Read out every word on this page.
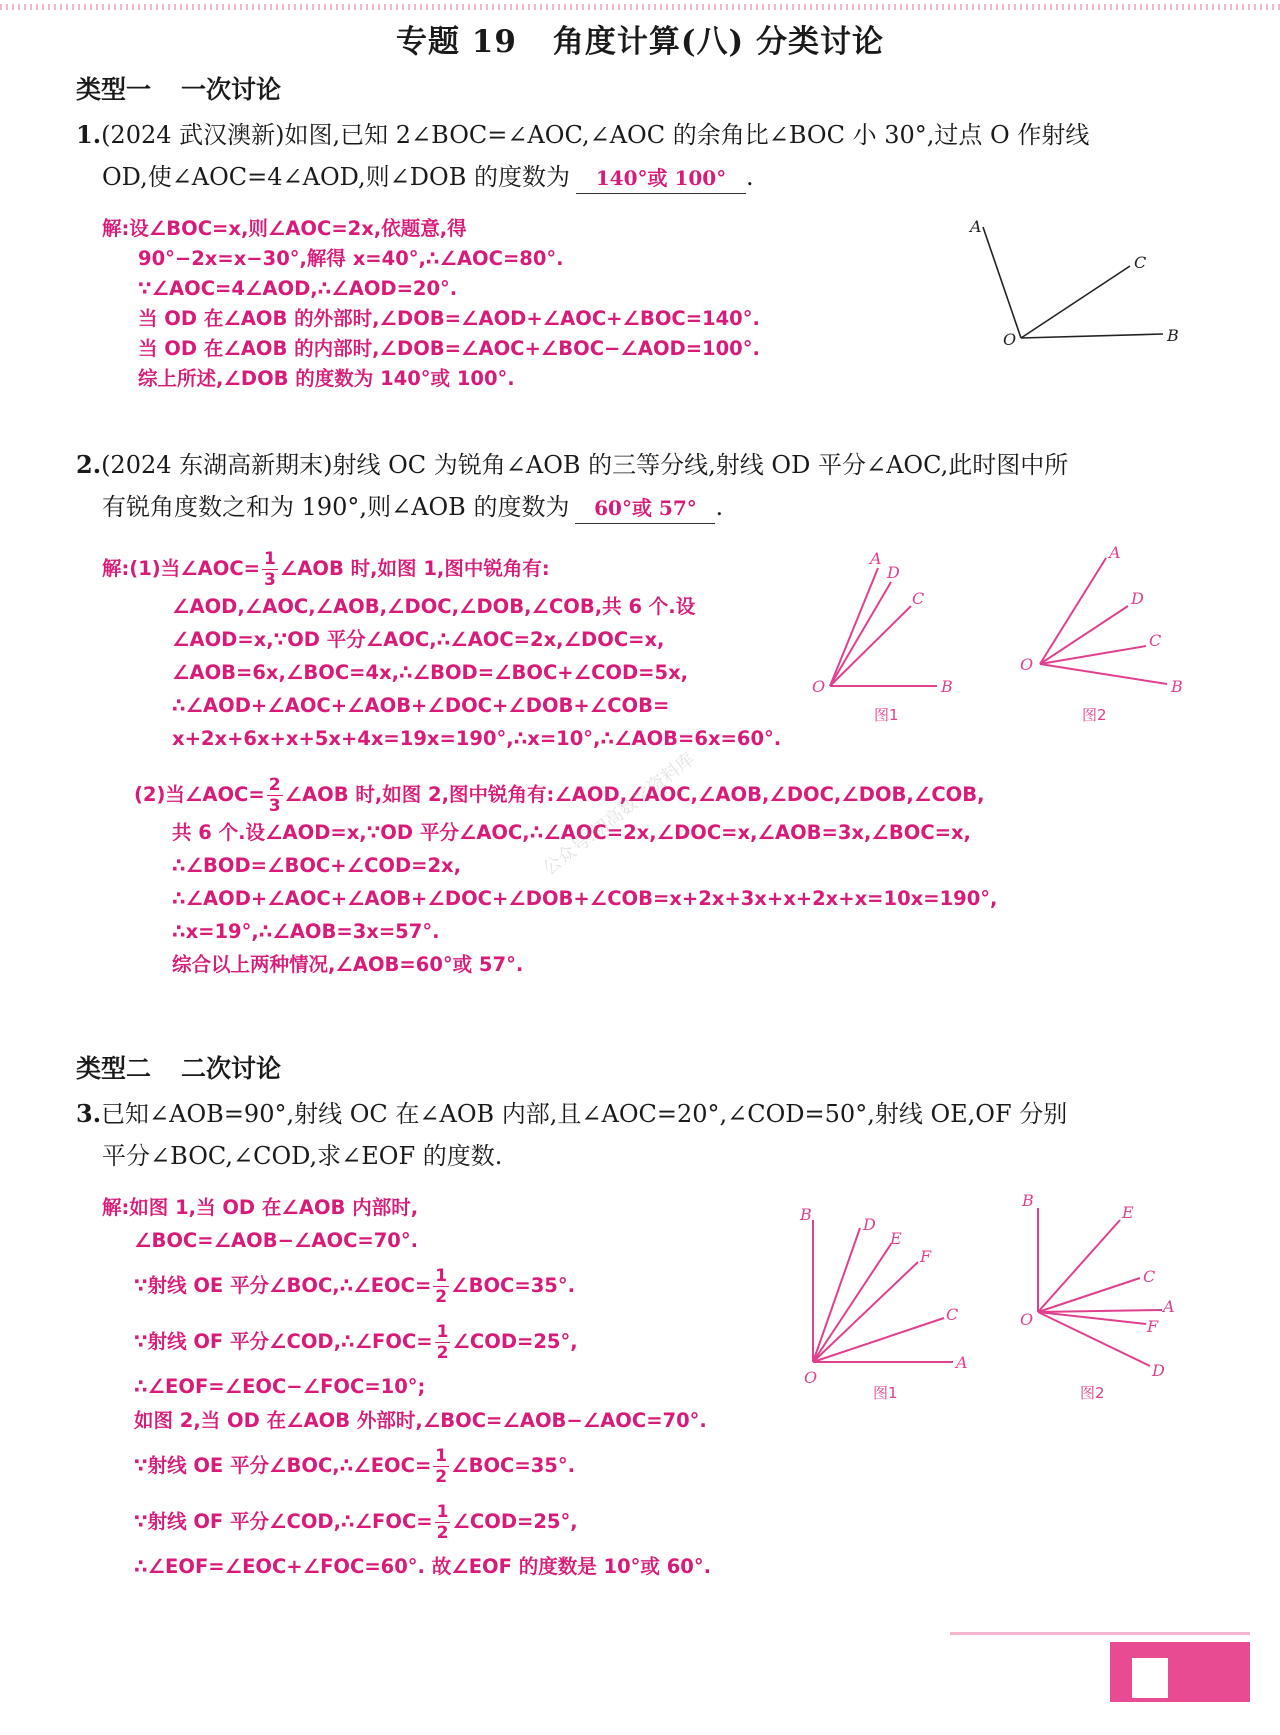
专题 19 角度计算(八) 分类讨论
类型一 一次讨论
1.(2024 武汉澳新)如图,已知 2∠BOC=∠AOC,∠AOC 的余角比∠BOC 小 30°,过点 O 作射线
OD,使∠AOC=4∠AOD,则∠DOB 的度数为 140°或 100° .
解:设∠BOC=x,则∠AOC=2x,依题意,得
90°−2x=x−30°,解得 x=40°,∴∠AOC=80°.
∵∠AOC=4∠AOD,∴∠AOD=20°.
当 OD 在∠AOB 的外部时,∠DOB=∠AOD+∠AOC+∠BOC=140°.
当 OD 在∠AOB 的内部时,∠DOB=∠AOC+∠BOC−∠AOD=100°.
综上所述,∠DOB 的度数为 140°或 100°.
A
C
O	B
2.(2024 东湖高新期末)射线 OC 为锐角∠AOB 的三等分线,射线 OD 平分∠AOC,此时图中所
有锐角度数之和为 190°,则∠AOB 的度数为 60°或 57° .
解:(1)当∠AOC= $\frac{1}{3}$ ∠AOB 时,如图 1,图中锐角有:
∠AOD,∠AOC,∠AOB,∠DOC,∠DOB,∠COB,共 6 个.设
∠AOD=x,∵OD 平分∠AOC,∴∠AOC=2x,∠DOC=x,
∠AOB=6x,∠BOC=4x,∴∠BOD=∠BOC+∠COD=5x,
∴∠AOD+∠AOC+∠AOB+∠DOC+∠DOB+∠COB=
x+2x+6x+x+5x+4x=19x=190°,∴x=10°,∴∠AOB=6x=60°.
(2)当∠AOC= $\frac{2}{3}$ ∠AOB 时,如图 2,图中锐角有:∠AOD,∠AOC,∠AOB,∠DOC,∠DOB,∠COB,
共 6 个.设∠AOD=x,∵OD 平分∠AOC,∴∠AOC=2x,∠DOC=x,∠AOB=3x,∠BOC=x,
∴∠BOD=∠BOC+∠COD=2x,
∴∠AOD+∠AOC+∠AOB+∠DOC+∠DOB+∠COB=x+2x+3x+x+2x+x=10x=190°,
∴x=19°,∴∠AOB=3x=57°.
综合以上两种情况,∠AOB=60°或 57°.
A
D
C
O	B
图1
A
D
C
O
B
图2
公众号:初高数学资料库
类型二 二次讨论
3.已知∠AOB=90°,射线 OC 在∠AOB 内部,且∠AOC=20°,∠COD=50°,射线 OE,OF 分别
平分∠BOC,∠COD,求∠EOF 的度数.
解:如图 1,当 OD 在∠AOB 内部时,
∠BOC=∠AOB−∠AOC=70°.
∵射线 OE 平分∠BOC,∴∠EOC= $\frac{1}{2}$ ∠BOC=35°.
∵射线 OF 平分∠COD,∴∠FOC= $\frac{1}{2}$ ∠COD=25°,
∴∠EOF=∠EOC−∠FOC=10°;
如图 2,当 OD 在∠AOB 外部时,∠BOC=∠AOB−∠AOC=70°.
∵射线 OE 平分∠BOC,∴∠EOC= $\frac{1}{2}$ ∠BOC=35°.
∵射线 OF 平分∠COD,∴∠FOC= $\frac{1}{2}$ ∠COD=25°,
∴∠EOF=∠EOC+∠FOC=60°. 故∠EOF 的度数是 10°或 60°.
B
D
E
F
C
A
O
图1
B
E
C
A
F
D
O
图2
